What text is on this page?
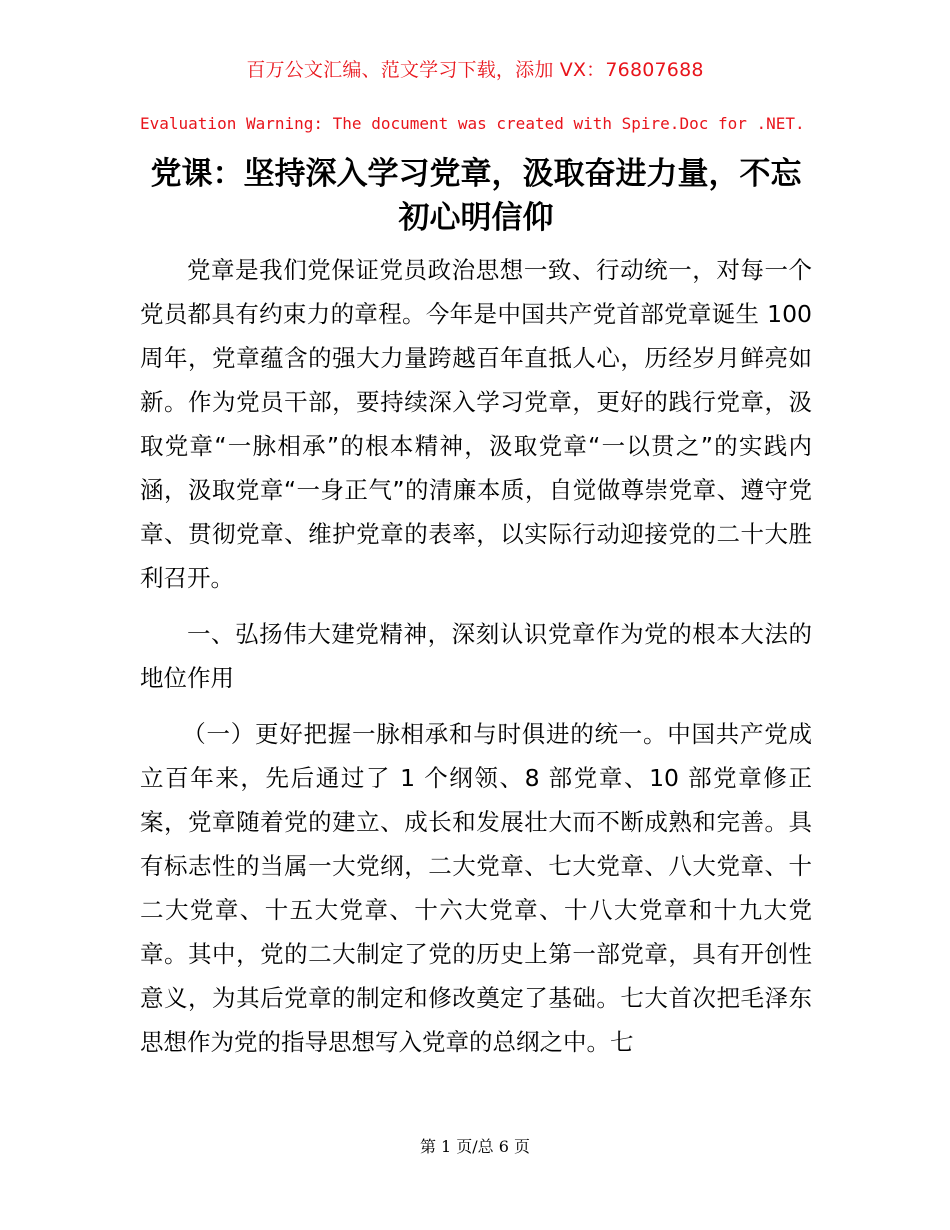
百万公文汇编、范文学习下载，添加 VX：76807688
Evaluation Warning: The document was created with Spire.Doc for .NET.
党课：坚持深入学习党章，汲取奋进力量，不忘初心明信仰

党章是我们党保证党员政治思想一致、行动统一，对每一个党员都具有约束力的章程。今年是中国共产党首部党章诞生 100 周年，党章蕴含的强大力量跨越百年直抵人心，历经岁月鲜亮如新。作为党员干部，要持续深入学习党章，更好的践行党章，汲取党章“一脉相承”的根本精神，汲取党章“一以贯之”的实践内涵，汲取党章“一身正气”的清廉本质，自觉做尊崇党章、遵守党章、贯彻党章、维护党章的表率，以实际行动迎接党的二十大胜利召开。

一、弘扬伟大建党精神，深刻认识党章作为党的根本大法的地位作用

（一）更好把握一脉相承和与时俱进的统一。中国共产党成立百年来，先后通过了 1 个纲领、8 部党章、10 部党章修正案，党章随着党的建立、成长和发展壮大而不断成熟和完善。具有标志性的当属一大党纲，二大党章、七大党章、八大党章、十二大党章、十五大党章、十六大党章、十八大党章和十九大党章。其中，党的二大制定了党的历史上第一部党章，具有开创性意义，为其后党章的制定和修改奠定了基础。七大首次把毛泽东思想作为党的指导思想写入党章的总纲之中。七

第 1 页/总 6 页
